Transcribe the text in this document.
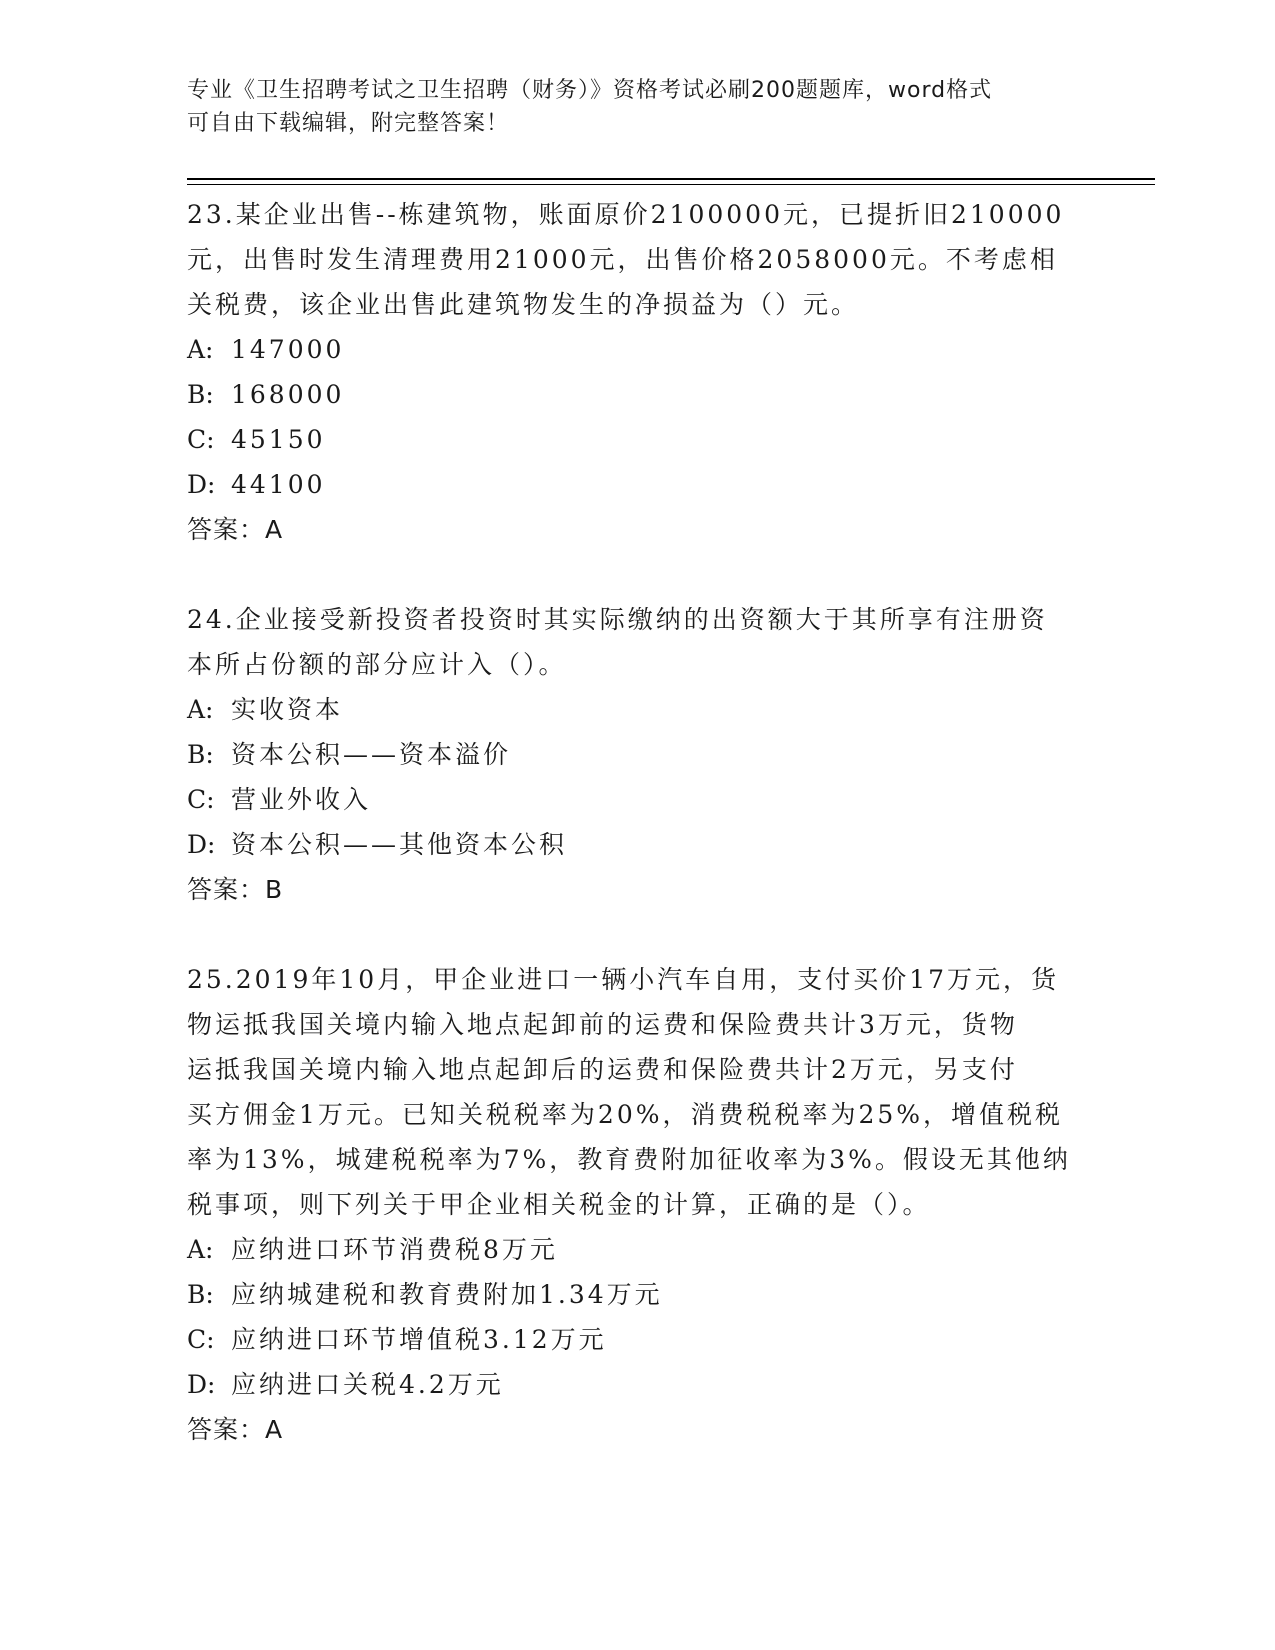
专业《卫生招聘考试之卫生招聘（财务）》资格考试必刷200题题库，word格式
可自由下载编辑，附完整答案！

23.某企业出售--栋建筑物，账面原价2100000元，已提折旧210000

元，出售时发生清理费用21000元，出售价格2058000元。不考虑相

关税费，该企业出售此建筑物发生的净损益为（）元。

A: 147000

B: 168000

C: 45150

D: 44100

答案：A

24.企业接受新投资者投资时其实际缴纳的出资额大于其所享有注册资

本所占份额的部分应计入（）。

A: 实收资本

B: 资本公积——资本溢价

C: 营业外收入

D: 资本公积——其他资本公积

答案：B

25.2019年10月，甲企业进口一辆小汽车自用，支付买价17万元，货

物运抵我国关境内输入地点起卸前的运费和保险费共计3万元，货物

运抵我国关境内输入地点起卸后的运费和保险费共计2万元，另支付

买方佣金1万元。已知关税税率为20%，消费税税率为25%，增值税税

率为13%，城建税税率为7%，教育费附加征收率为3%。假设无其他纳

税事项，则下列关于甲企业相关税金的计算，正确的是（）。

A: 应纳进口环节消费税8万元

B: 应纳城建税和教育费附加1.34万元

C: 应纳进口环节增值税3.12万元

D: 应纳进口关税4.2万元

答案：A
